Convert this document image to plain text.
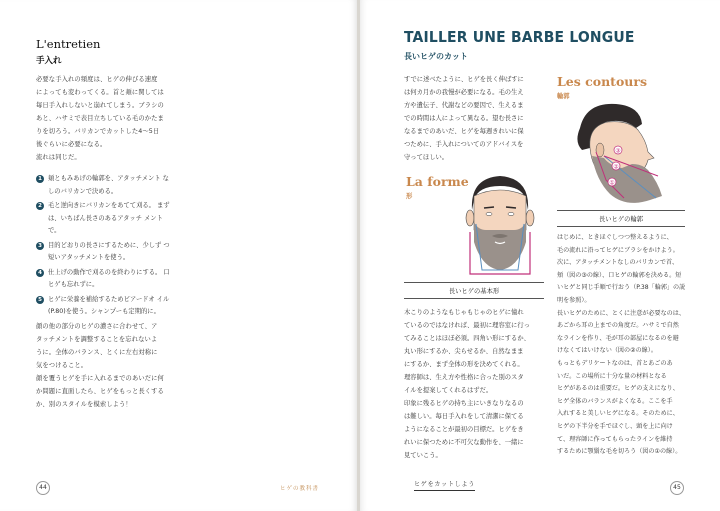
L'entretien
手入れ
必要な手入れの頻度は、ヒゲの伸びる速度
によっても変わってくる。首と頬に関しては
毎日手入れしないと崩れてしまう。ブラシの
あと、ハサミで表目立ちしている毛のかたま
りを切ろう。バリカンでカットした4～5日
後ぐらいに必要になる。
流れは同じだ。
1 頬ともみあげの輪郭を、アタッチメント なしのバリカンで決める。
2 毛と逆向きにバリカンをあてて刈る。 まずは、いちばん長さのあるアタッチ メントで。
3 目的どおりの長さにするために、少しず つ短いアタッチメントを使う。
4 仕上げの動作で刈るのを終わりにする。 口ヒゲも忘れずに。
5 ヒゲに栄養を補給するためビアードオ イル(P.80)を使う。シャンプーも定期的に。
顔の他の部分のヒゲの濃さに合わせて、ア
タッチメントを調整することを忘れないよ
うに。全体のバランス、とくに左右対称に
気をつけること。
顔を覆うヒゲを手に入れるまでのあいだに何
か問題に直面したら、ヒゲをもっと長くする
か、別のスタイルを模索しよう！
44	ヒゲの教科書
TAILLER UNE BARBE LONGUE
長いヒゲのカット
すでに述べたように、ヒゲを長く伸ばすに
は何カ月かの我慢が必要になる。毛の生え
方や遺伝子、代謝などの要因で、生えるま
での時間は人によって異なる。望む長さに
なるまでのあいだ、ヒゲを毎週きれいに保
つために、手入れについてのアドバイスを
守ってほしい。
La forme
形
長いヒゲの基本形
木こりのようなもじゃもじゃのヒゲに憧れ
ているのではなければ、最初に理容室に行っ
てみることはほぼ必須。四角い形にするか、
丸い形にするか、尖らせるか、自然なまま
にするか、まず全体の形を決めてくれる。
理容師は、生え方や性格に合った別のスタ
イルを提案してくれるはずだ。
印象に残るヒゲの持ち主にいきなりなるの
は難しい。毎日手入れをして清潔に保てる
ようになることが最初の目標だ。ヒゲをき
れいに保つために不可欠な動作を、一緒に
見ていこう。
Les contours
輪郭
③
②
①
長いヒゲの輪郭
はじめに、ときほぐしつつ整えるように、
毛の流れに沿ってヒゲにブラシをかけよう。
次に、アタッチメントなしのバリカンで首、
頬（図の③の線）、口ヒゲの輪郭を決める。短
いヒゲと同じ手順で行おう（P.38「輪郭」の説
明を参照）。
長いヒゲのために、とくに注意が必要なのは、
あごから耳の上までの角度だ。ハサミで自然
なラインを作り、毛が耳の部屋になるのを避
けなくてはいけない（図の②の線）。
もっともデリケートなのは、首とあごのあ
いだ。この場所に十分な量の材料となる
ヒゲがあるのは重要だ。ヒゲの支えになり、
ヒゲ全体のバランスがよくなる。ここを手
入れすると美しいヒゲになる。そのために、
ヒゲの下半分を手でほぐし、頭を上に向け
て、理容師に作ってもらったラインを維持
するために顎鬚な毛を切ろう（図の①の線）。
ヒゲをカットしよう	45
